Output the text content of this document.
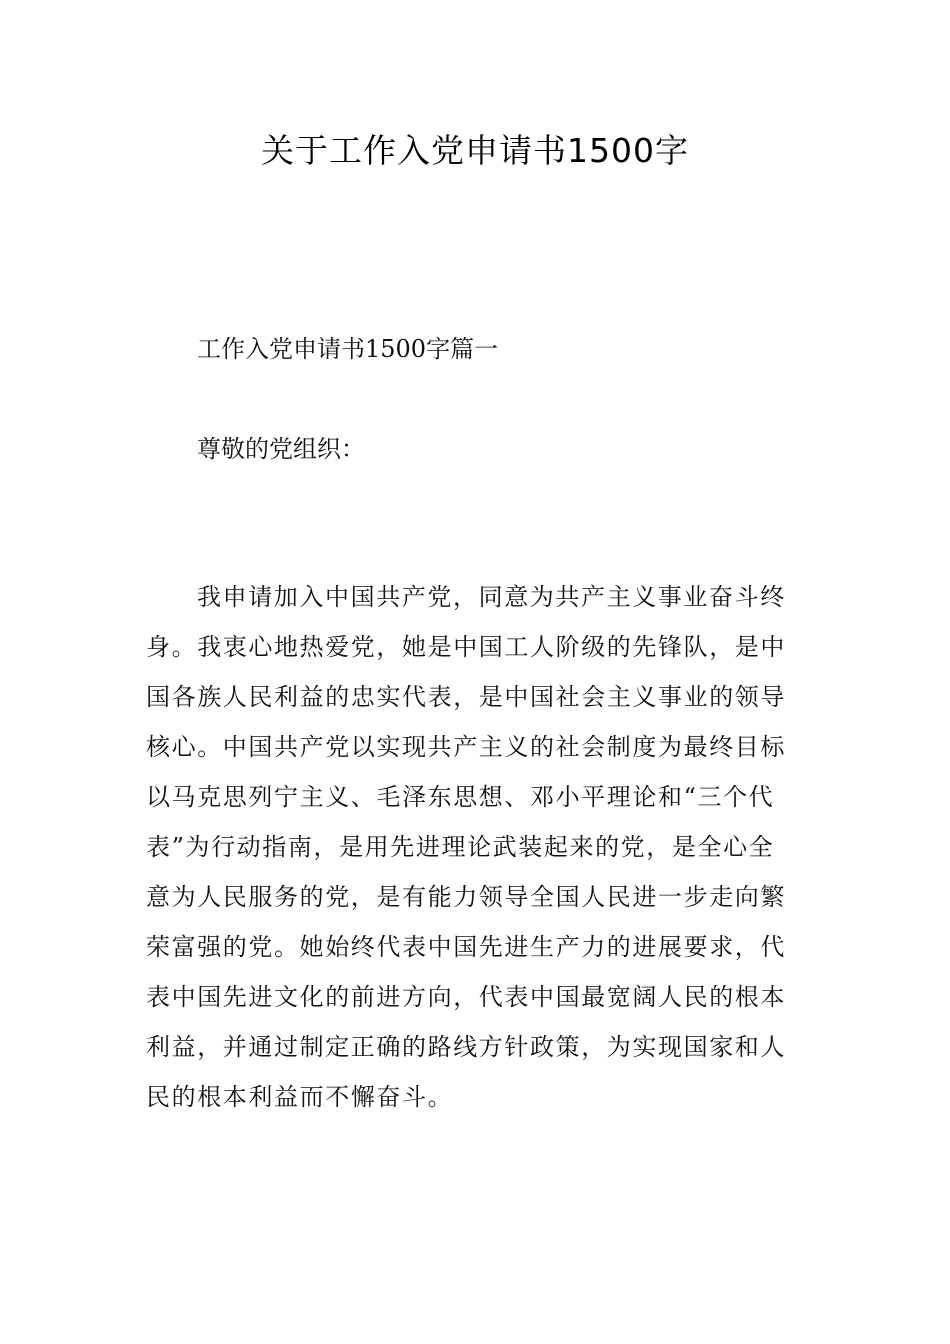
关于工作入党申请书1500字
工作入党申请书1500字篇一
尊敬的党组织：
我申请加入中国共产党，同意为共产主义事业奋斗终
身。我衷心地热爱党，她是中国工人阶级的先锋队，是中
国各族人民利益的忠实代表，是中国社会主义事业的领导
核心。中国共产党以实现共产主义的社会制度为最终目标
以马克思列宁主义、毛泽东思想、邓小平理论和“三个代
表”为行动指南，是用先进理论武装起来的党，是全心全
意为人民服务的党，是有能力领导全国人民进一步走向繁
荣富强的党。她始终代表中国先进生产力的进展要求，代
表中国先进文化的前进方向，代表中国最宽阔人民的根本
利益，并通过制定正确的路线方针政策，为实现国家和人
民的根本利益而不懈奋斗。
